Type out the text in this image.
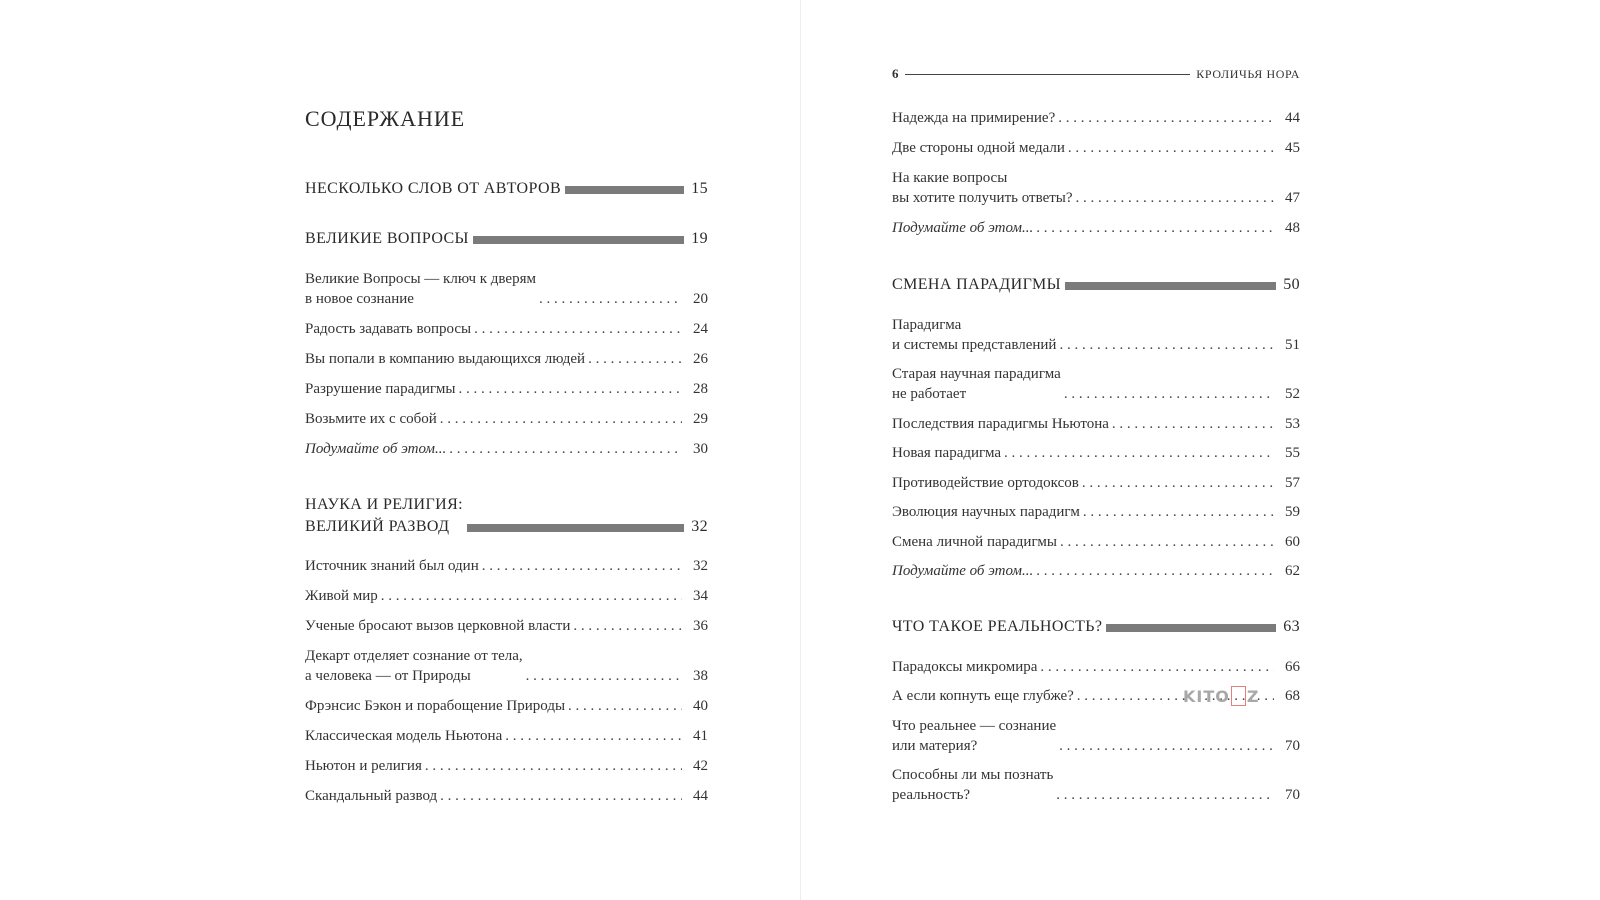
СОДЕРЖАНИЕ
НЕСКОЛЬКО СЛОВ ОТ АВТОРОВ	15
ВЕЛИКИЕ ВОПРОСЫ	19
Великие Вопросы — ключ к дверям
в новое сознание . . .	20
Радость задавать вопросы . . .	24
Вы попали в компанию выдающихся людей . . .	26
Разрушение парадигмы . . .	28
Возьмите их с собой . . .	29
Подумайте об этом... . . .	30
НАУКА И РЕЛИГИЯ:
ВЕЛИКИЙ РАЗВОД	32
Источник знаний был один . . .	32
Живой мир . . .	34
Ученые бросают вызов церковной власти . . .	36
Декарт отделяет сознание от тела,
а человека — от Природы . . .	38
Фрэнсис Бэкон и порабощение Природы . . .	40
Классическая модель Ньютона . . .	41
Ньютон и религия . . .	42
Скандальный развод . . .	44
6	КРОЛИЧЬЯ НОРА
Надежда на примирение? . . .	44
Две стороны одной медали . . .	45
На какие вопросы
вы хотите получить ответы? . . .	47
Подумайте об этом... . . .	48
СМЕНА ПАРАДИГМЫ	50
Парадигма
и системы представлений . . .	51
Старая научная парадигма
не работает . . .	52
Последствия парадигмы Ньютона . . .	53
Новая парадигма . . .	55
Противодействие ортодоксов . . .	57
Эволюция научных парадигм . . .	59
Смена личной парадигмы . . .	60
Подумайте об этом... . . .	62
ЧТО ТАКОЕ РЕАЛЬНОСТЬ?	63
Парадоксы микромира . . .	66
А если копнуть еще глубже? . . .	68
Что реальнее — сознание
или материя? . . .	70
Способны ли мы познать
реальность? . . .	70
KITO Z
